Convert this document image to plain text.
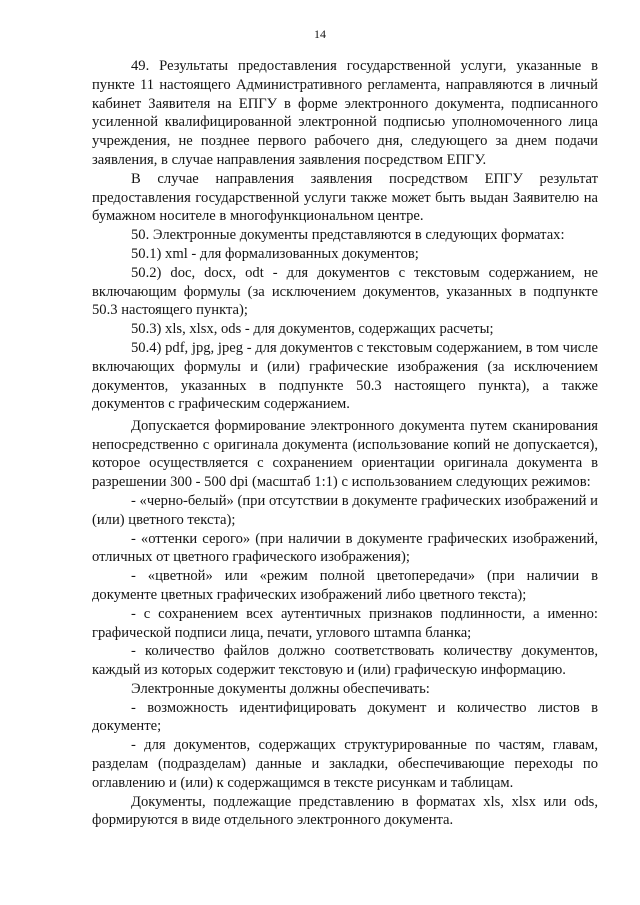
14

49. Результаты предоставления государственной услуги, указанные в пункте 11 настоящего Административного регламента, направляются в личный кабинет Заявителя на ЕПГУ в форме электронного документа, подписанного усиленной квалифицированной электронной подписью уполномоченного лица учреждения, не позднее первого рабочего дня, следующего за днем подачи заявления, в случае направления заявления посредством ЕПГУ.

В случае направления заявления посредством ЕПГУ результат предоставления государственной услуги также может быть выдан Заявителю на бумажном носителе в многофункциональном центре.

50. Электронные документы представляются в следующих форматах:

50.1) xml - для формализованных документов;

50.2) doc, docx, odt - для документов с текстовым содержанием, не включающим формулы (за исключением документов, указанных в подпункте 50.3 настоящего пункта);

50.3) xls, xlsx, ods - для документов, содержащих расчеты;

50.4) pdf, jpg, jpeg - для документов с текстовым содержанием, в том числе включающих формулы и (или) графические изображения (за исключением документов, указанных в подпункте 50.3 настоящего пункта), а также документов с графическим содержанием.

Допускается формирование электронного документа путем сканирования непосредственно с оригинала документа (использование копий не допускается), которое осуществляется с сохранением ориентации оригинала документа в разрешении 300 - 500 dpi (масштаб 1:1) с использованием следующих режимов:

- «черно-белый» (при отсутствии в документе графических изображений и (или) цветного текста);

- «оттенки серого» (при наличии в документе графических изображений, отличных от цветного графического изображения);

- «цветной» или «режим полной цветопередачи» (при наличии в документе цветных графических изображений либо цветного текста);

- с сохранением всех аутентичных признаков подлинности, а именно: графической подписи лица, печати, углового штампа бланка;

- количество файлов должно соответствовать количеству документов, каждый из которых содержит текстовую и (или) графическую информацию.

Электронные документы должны обеспечивать:

- возможность идентифицировать документ и количество листов в документе;

- для документов, содержащих структурированные по частям, главам, разделам (подразделам) данные и закладки, обеспечивающие переходы по оглавлению и (или) к содержащимся в тексте рисункам и таблицам.

Документы, подлежащие представлению в форматах xls, xlsx или ods, формируются в виде отдельного электронного документа.
